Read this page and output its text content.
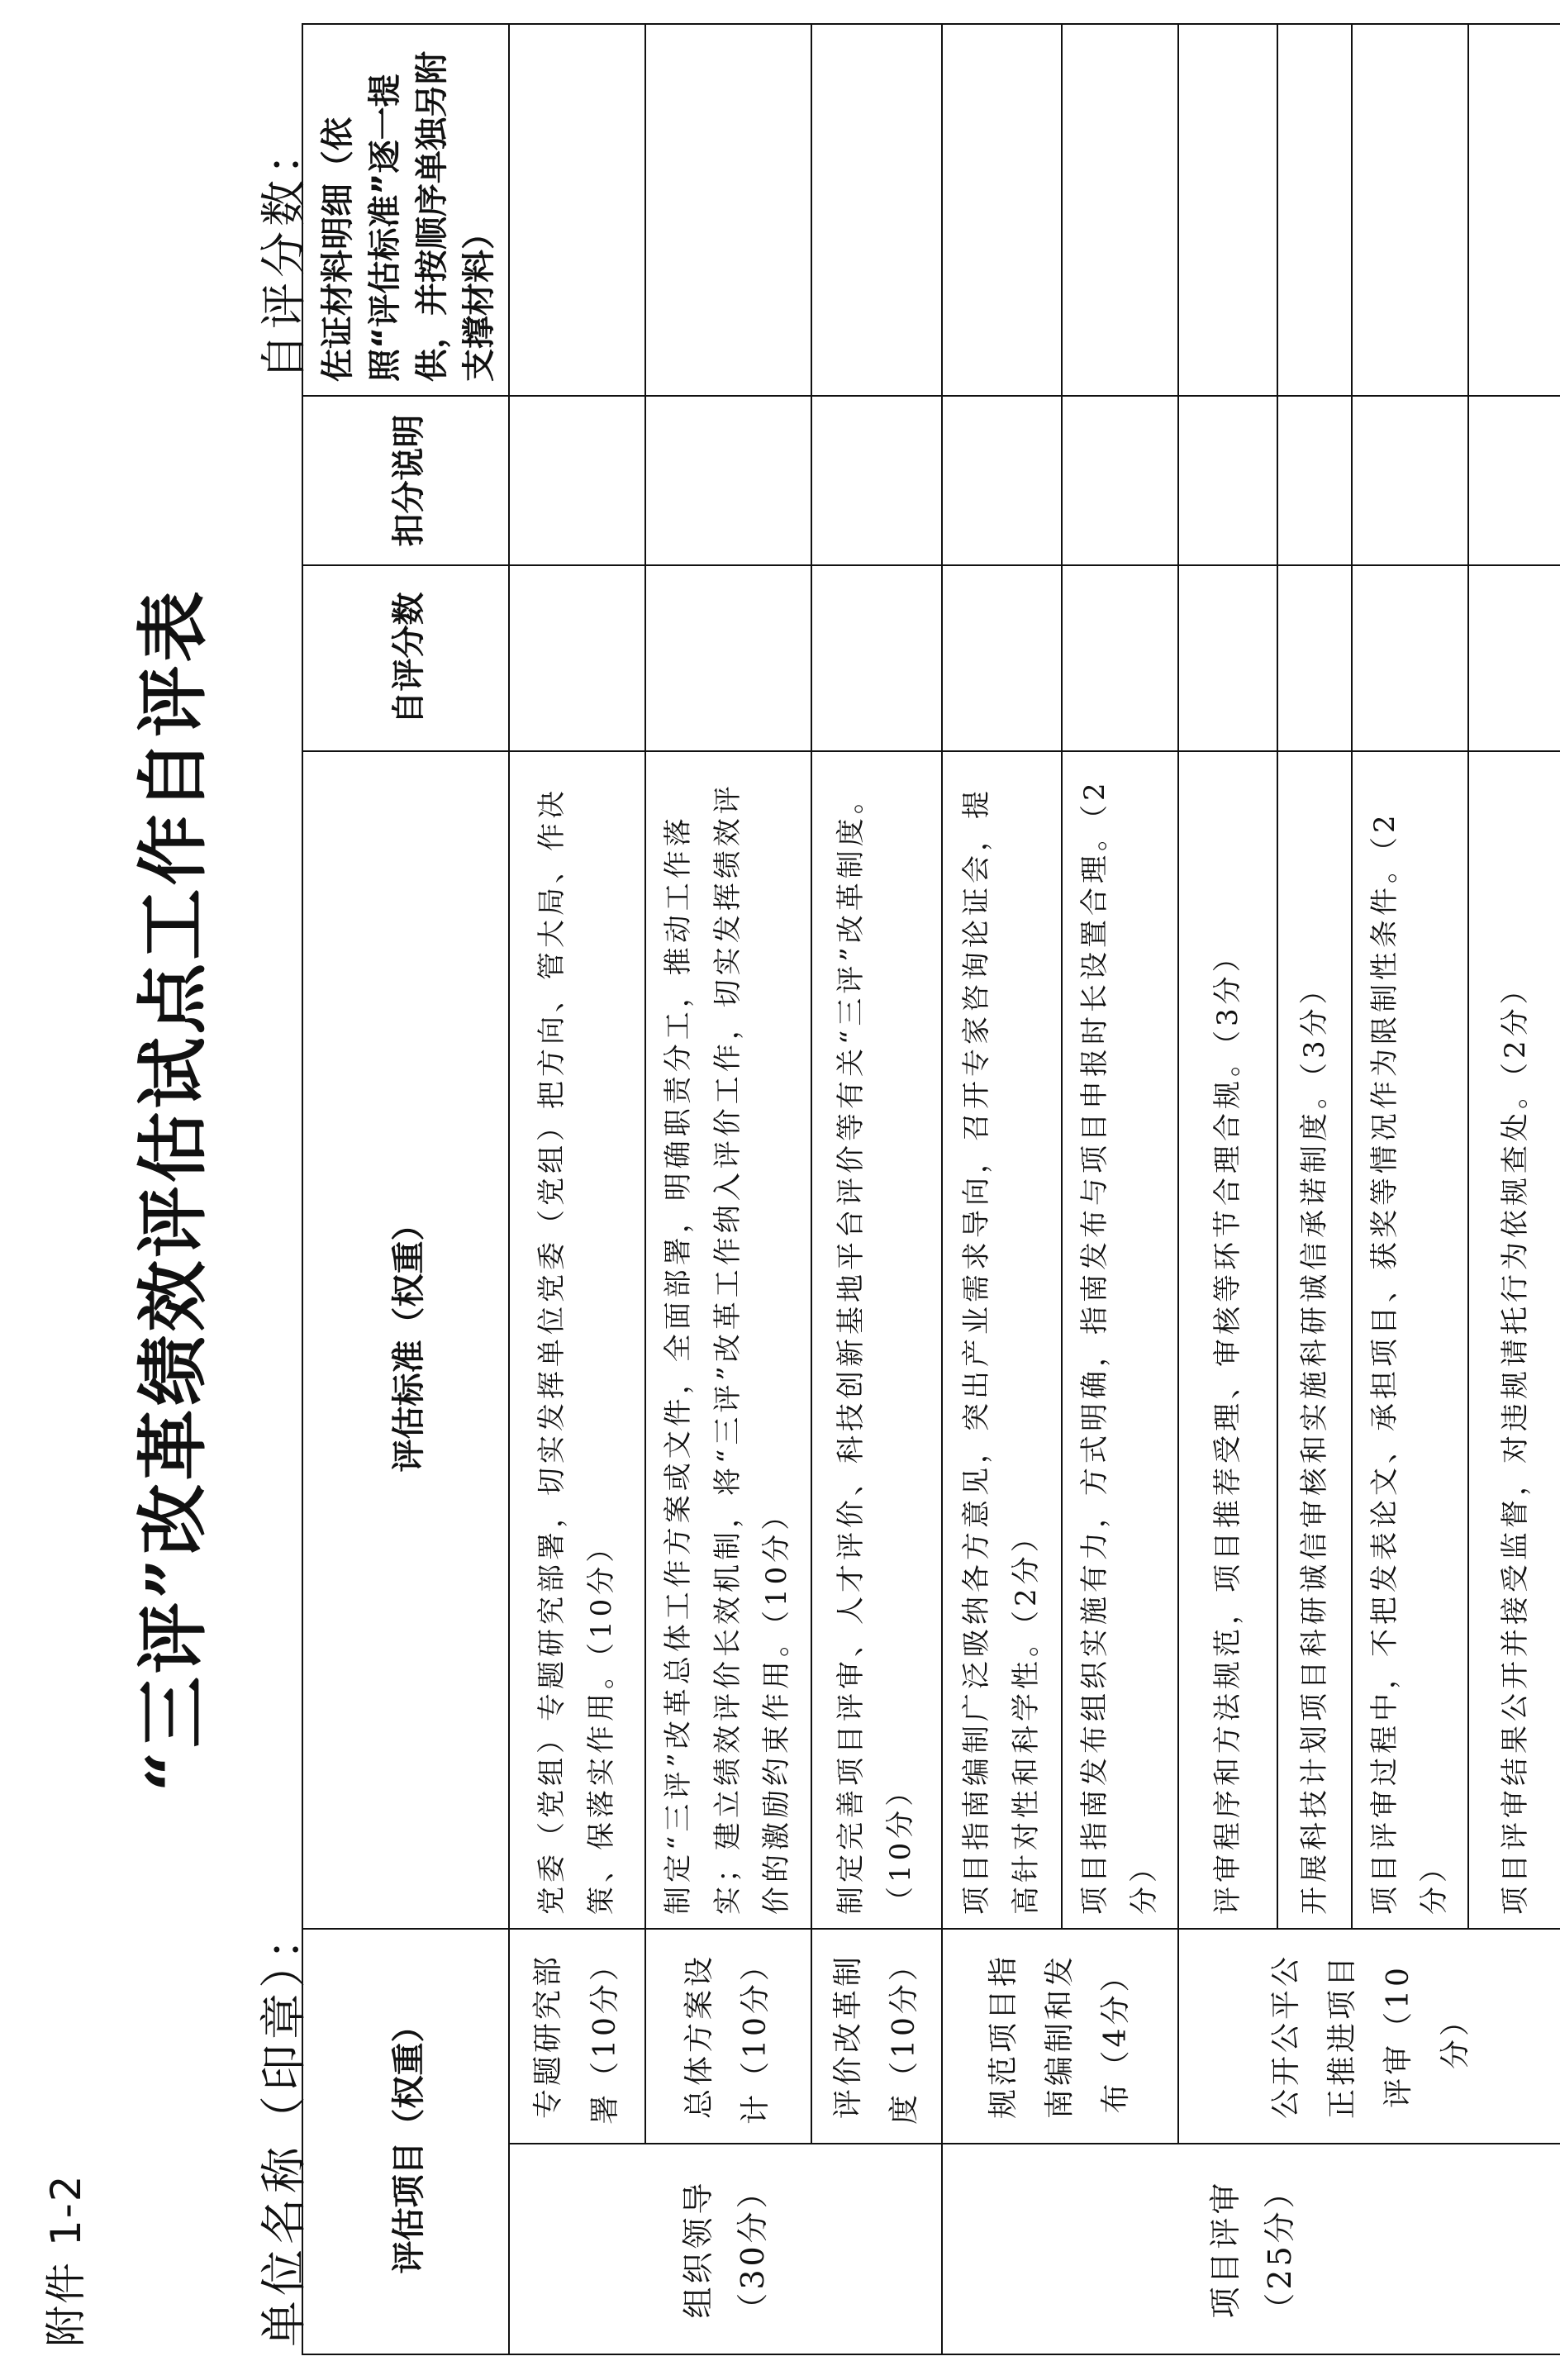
附件 1-2
“三评”改革绩效评估试点工作自评表
单位名称（印章）：
自评分数：
评估项目（权重）		评估标准（权重）	自评分数	扣分说明	佐证材料明细（依照“评估标准”逐一提供，并按顺序单独另附支撑材料）
组织领导（30分）	专题研究部署（10分）	党委（党组）专题研究部署，切实发挥单位党委（党组）把方向、管大局、作决策、保落实作用。（10分）			
	总体方案设计（10分）	制定“三评”改革总体工作方案或文件，全面部署，明确职责分工，推动工作落实；建立绩效评价长效机制，将“三评”改革工作纳入评价工作，切实发挥绩效评价的激励约束作用。（10分）			
	评价改革制度（10分）	制定完善项目评审、人才评价、科技创新基地平台评价等有关“三评”改革制度。（10分）			
项目评审（25分）	规范项目指南编制和发布（4分）	项目指南编制广泛吸纳各方意见，突出产业需求导向，召开专家咨询论证会，提高针对性和科学性。（2分）			
		项目指南发布组织实施有力，方式明确，指南发布与项目申报时长设置合理。（2分）			
	公开公平公正推进项目评审（10分）	评审程序和方法规范，项目推荐受理、审核等环节合理合规。（3分）			
		开展科技计划项目科研诚信审核和实施科研诚信承诺制度。（3分）			
		项目评审过程中，不把发表论文、承担项目、获奖等情况作为限制性条件。（2分）			
		项目评审结果公开并接受监督，对违规请托行为依规查处。（2分）			
